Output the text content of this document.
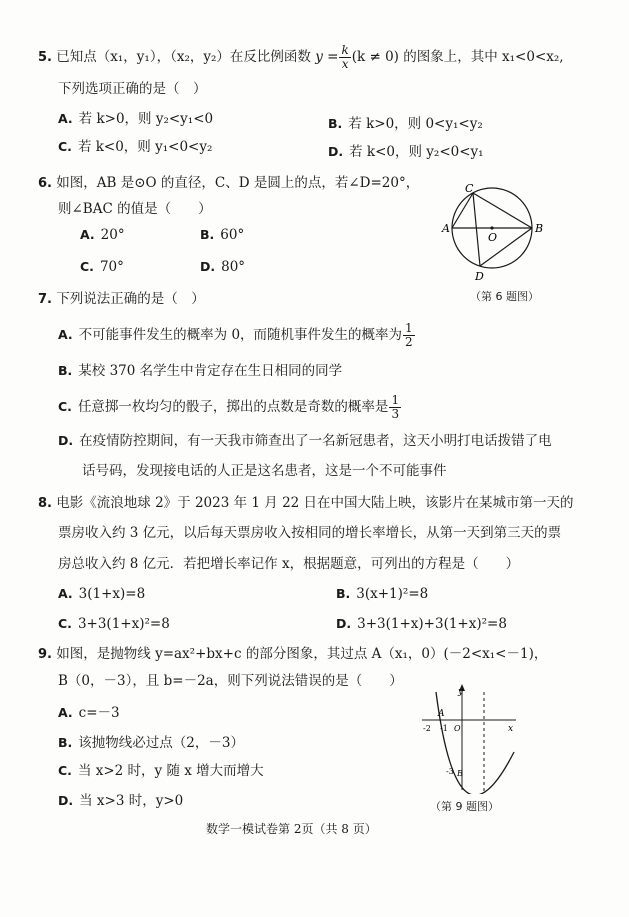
5. 已知点（x₁，y₁），（x₂，y₂）在反比例函数 $y = \frac{k}{x} (k \ne 0)$ 的图象上，其中 x₁<0<x₂,
下列选项正确的是（　）
A. 若 k>0，则 y₂<y₁<0	B. 若 k>0，则 0<y₁<y₂
C. 若 k<0，则 y₁<0<y₂	D. 若 k<0，则 y₂<0<y₁
6. 如图，AB 是⊙O 的直径，C、D 是圆上的点，若∠D=20°，
则∠BAC 的值是（　　）
A. 20°	B. 60°
C. 70°	D. 80°
C
A
O
B
D
（第 6 题图）
7. 下列说法正确的是（　）
A. 不可能事件发生的概率为 0，而随机事件发生的概率为 $\frac{1}{2}$
B. 某校 370 名学生中肯定存在生日相同的同学
C. 任意掷一枚均匀的骰子，掷出的点数是奇数的概率是 $\frac{1}{3}$
D. 在疫情防控期间，有一天我市筛查出了一名新冠患者，这天小明打电话拨错了电
话号码，发现接电话的人正是这名患者，这是一个不可能事件
8. 电影《流浪地球 2》于 2023 年 1 月 22 日在中国大陆上映，该影片在某城市第一天的
票房收入约 3 亿元，以后每天票房收入按相同的增长率增长，从第一天到第三天的票
房总收入约 8 亿元．若把增长率记作 x，根据题意，可列出的方程是（　　）
A. 3(1+x)=8	B. 3(x+1)²=8
C. 3+3(1+x)²=8	D. 3+3(1+x)+3(1+x)²=8
9. 如图，是抛物线 y=ax²+bx+c 的部分图象，其过点 A（x₁，0）(－2<x₁<－1)，
B（0，－3），且 b=－2a，则下列说法错误的是（　　）
A. c=－3
B. 该抛物线必过点（2，－3）
C. 当 x>2 时，y 随 x 增大而增大
D. 当 x>3 时，y>0
y
A
-2 -1 O	x
-3 B
（第 9 题图）
数学一模试卷第 2页（共 8 页）
